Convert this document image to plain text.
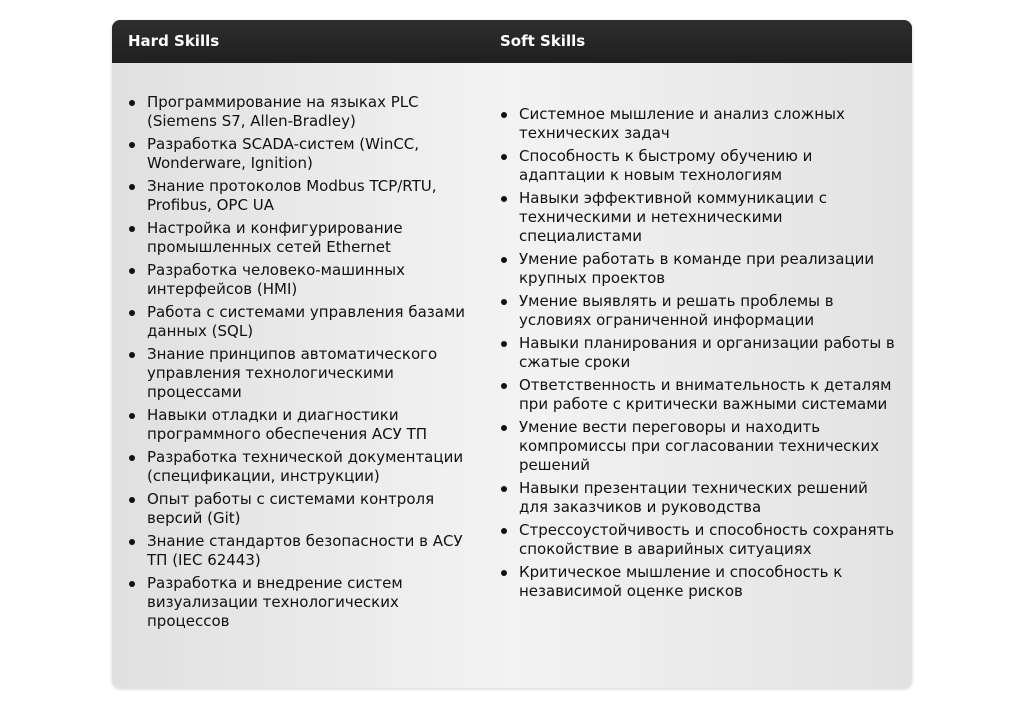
Hard Skills	Soft Skills
Программирование на языках PLC (Siemens S7, Allen-Bradley)
Разработка SCADA-систем (WinCC, Wonderware, Ignition)
Знание протоколов Modbus TCP/RTU, Profibus, OPC UA
Настройка и конфигурирование промышленных сетей Ethernet
Разработка человеко-машинных интерфейсов (HMI)
Работа с системами управления базами данных (SQL)
Знание принципов автоматического управления технологическими процессами
Навыки отладки и диагностики программного обеспечения АСУ ТП
Разработка технической документации (спецификации, инструкции)
Опыт работы с системами контроля версий (Git)
Знание стандартов безопасности в АСУ ТП (IEC 62443)
Разработка и внедрение систем визуализации технологических процессов
Системное мышление и анализ сложных технических задач
Способность к быстрому обучению и адаптации к новым технологиям
Навыки эффективной коммуникации с техническими и нетехническими специалистами
Умение работать в команде при реализации крупных проектов
Умение выявлять и решать проблемы в условиях ограниченной информации
Навыки планирования и организации работы в сжатые сроки
Ответственность и внимательность к деталям при работе с критически важными системами
Умение вести переговоры и находить компромиссы при согласовании технических решений
Навыки презентации технических решений для заказчиков и руководства
Стрессоустойчивость и способность сохранять спокойствие в аварийных ситуациях
Критическое мышление и способность к независимой оценке рисков
